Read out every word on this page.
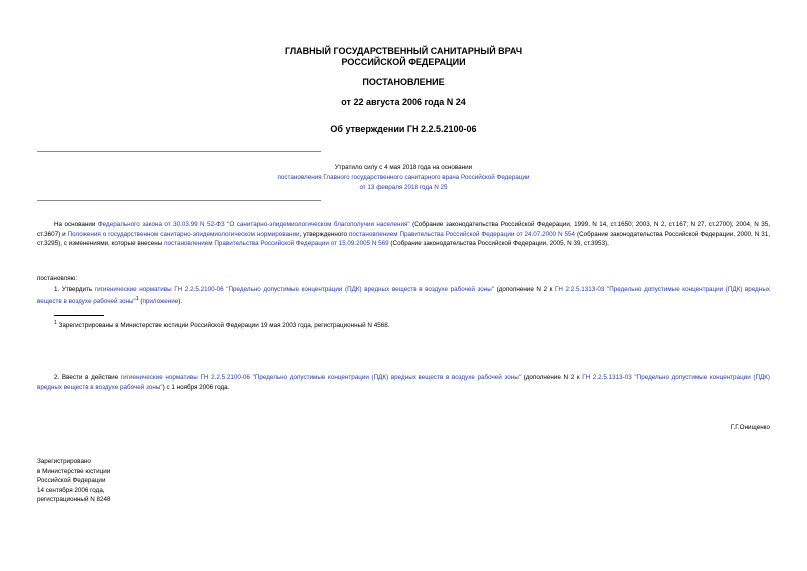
ГЛАВНЫЙ ГОСУДАРСТВЕННЫЙ САНИТАРНЫЙ ВРАЧ
РОССИЙСКОЙ ФЕДЕРАЦИИ
ПОСТАНОВЛЕНИЕ
от 22 августа 2006 года N 24
Об утверждении ГН 2.2.5.2100-06
Утратило силу с 4 мая 2018 года на основании
постановления Главного государственного санитарного врача Российской Федерации
от 13 февраля 2018 года N 25
На основании Федерального закона от 30.03.99 N 52-ФЗ "О санитарно-эпидемиологическом благополучии населения" (Собрание законодательства Российской Федерации, 1999, N 14, ст.1650; 2003, N 2, ст.167; N 27, ст.2700); 2004, N 35, ст.3607) и Положения о государственном санитарно-эпидемиологическом нормировании, утвержденного постановлением Правительства Российской Федерации от 24.07.2000 N 554 (Собрание законодательства Российской Федерации, 2000, N 31, ст.3295), с изменениями, которые внесены постановлением Правительства Российской Федерации от 15.09.2005 N 569 (Собрание законодательства Российской Федерации, 2005, N 39, ст.3953),
постановляю:
1. Утвердить гигиенические нормативы ГН 2.2.5.2100-06 "Предельно допустимые концентрации (ПДК) вредных веществ в воздухе рабочей зоны" (дополнение N 2 к ГН 2.2.5.1313-03 "Предельно допустимые концентрации (ПДК) вредных веществ в воздухе рабочей зоны"$^1$ (приложение).
$^1$ Зарегистрированы в Министерстве юстиции Российской Федерации 19 мая 2003 года, регистрационный N 4568.
2. Ввести в действие гигиенические нормативы ГН 2.2.5.2100-06 "Предельно допустимые концентрации (ПДК) вредных веществ в воздухе рабочей зоны" (дополнение N 2 к ГН 2.2.5.1313-03 "Предельно допустимые концентрации (ПДК) вредных веществ в воздухе рабочей зоны") с 1 ноября 2006 года.
Г.Г.Онищенко
Зарегистрировано
в Министерстве юстиции
Российской Федерации
14 сентября 2006 года,
регистрационный N 8248
